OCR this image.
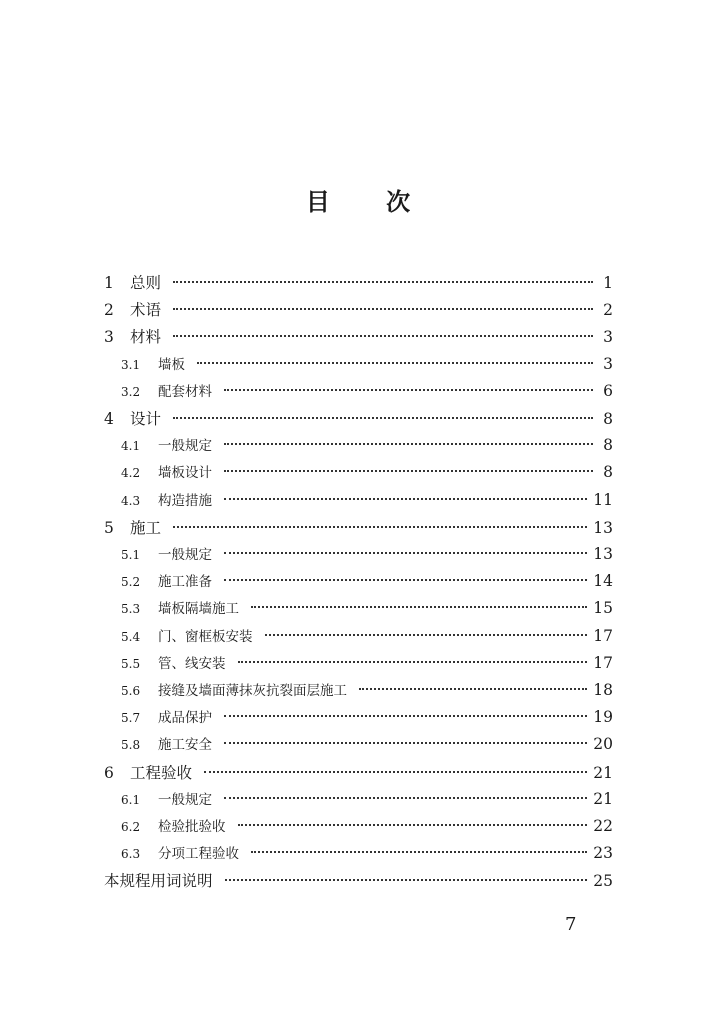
目 次
1	总则	1
2	术语	2
3	材料	3
3.1	墙板	3
3.2	配套材料	6
4	设计	8
4.1	一般规定	8
4.2	墙板设计	8
4.3	构造措施	11
5	施工	13
5.1	一般规定	13
5.2	施工准备	14
5.3	墙板隔墙施工	15
5.4	门、窗框板安装	17
5.5	管、线安装	17
5.6	接缝及墙面薄抹灰抗裂面层施工	18
5.7	成品保护	19
5.8	施工安全	20
6	工程验收	21
6.1	一般规定	21
6.2	检验批验收	22
6.3	分项工程验收	23
本规程用词说明	25
7
